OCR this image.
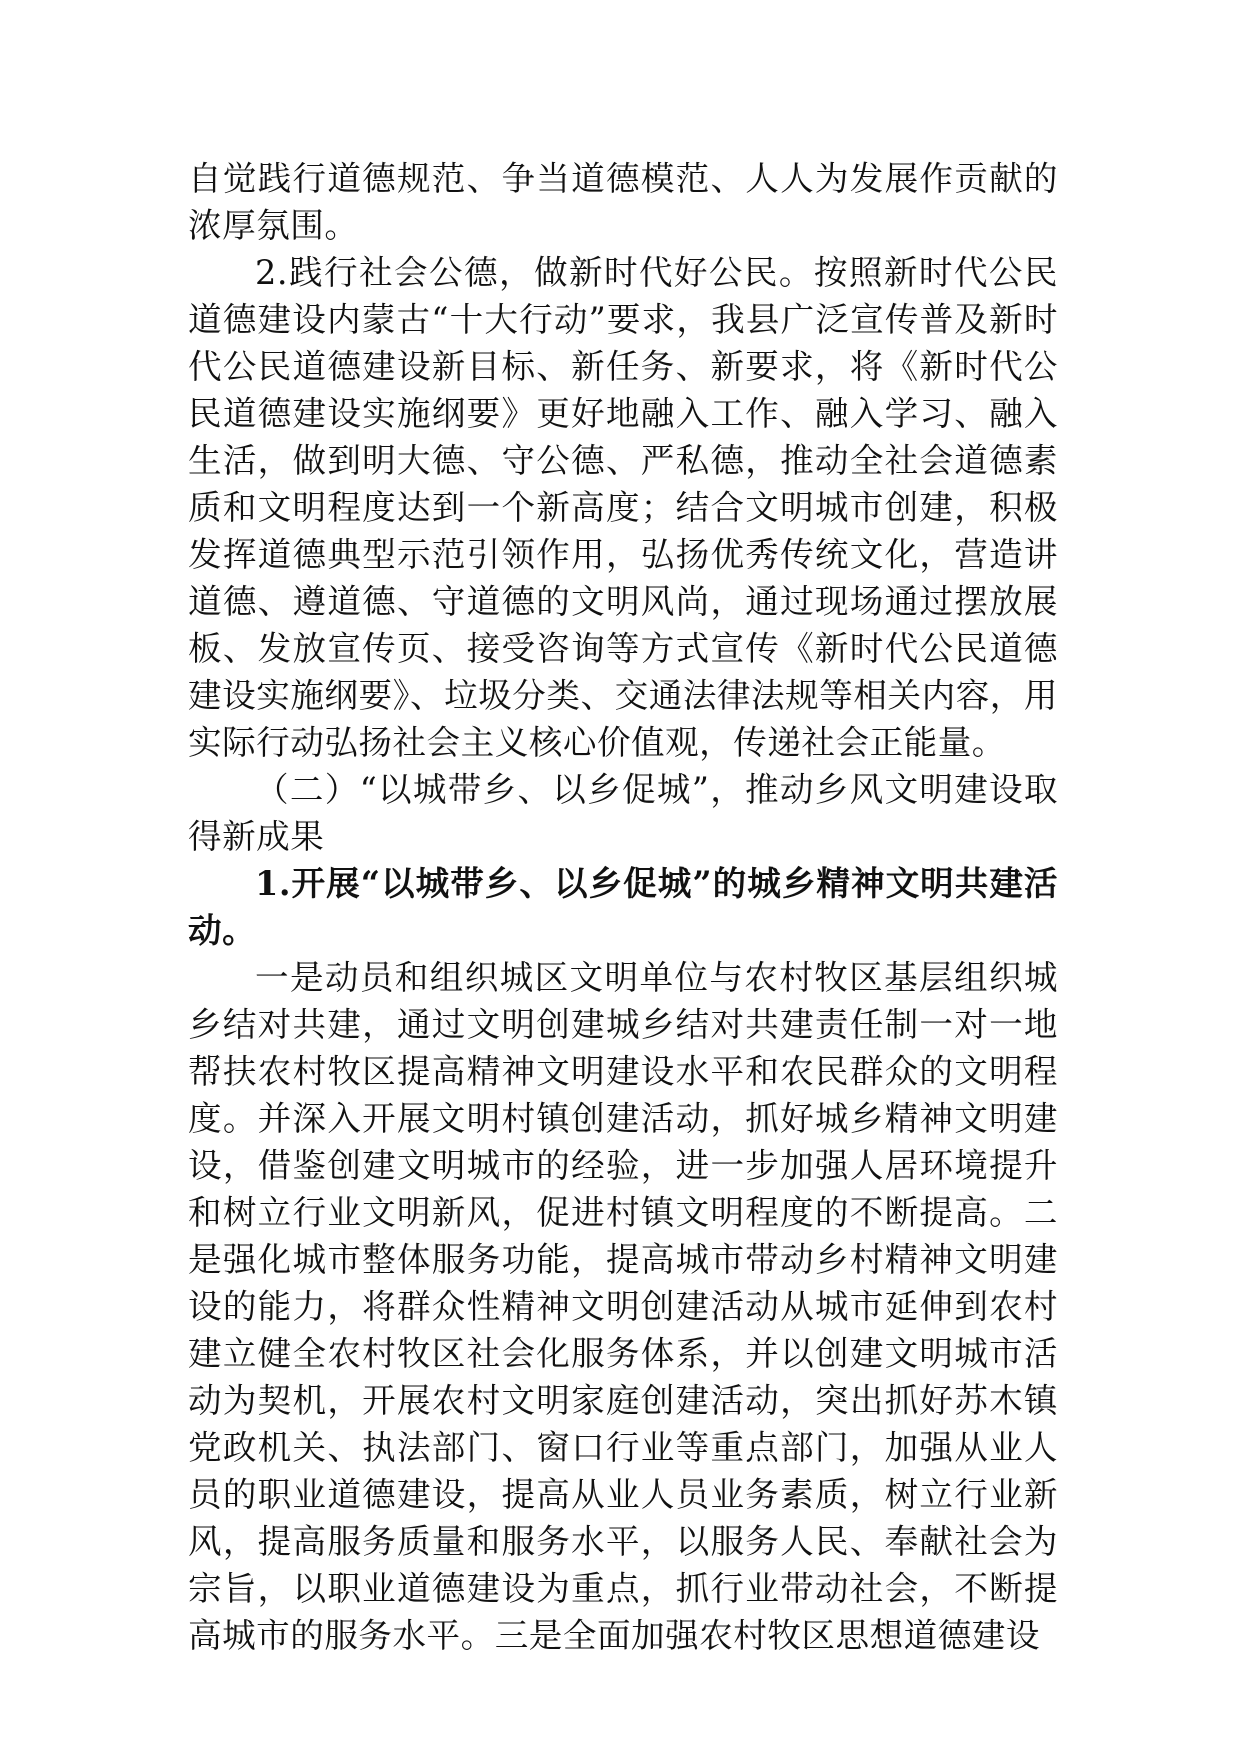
自觉践行道德规范、争当道德模范、人人为发展作贡献的浓厚氛围。

2.践行社会公德，做新时代好公民。按照新时代公民道德建设内蒙古“十大行动”要求，我县广泛宣传普及新时代公民道德建设新目标、新任务、新要求，将《新时代公民道德建设实施纲要》更好地融入工作、融入学习、融入生活，做到明大德、守公德、严私德，推动全社会道德素质和文明程度达到一个新高度；结合文明城市创建，积极发挥道德典型示范引领作用，弘扬优秀传统文化，营造讲道德、遵道德、守道德的文明风尚，通过现场通过摆放展板、发放宣传页、接受咨询等方式宣传《新时代公民道德建设实施纲要》、垃圾分类、交通法律法规等相关内容，用实际行动弘扬社会主义核心价值观，传递社会正能量。

（二）“以城带乡、以乡促城”，推动乡风文明建设取得新成果

1.开展“以城带乡、以乡促城”的城乡精神文明共建活动。

一是动员和组织城区文明单位与农村牧区基层组织城乡结对共建，通过文明创建城乡结对共建责任制一对一地帮扶农村牧区提高精神文明建设水平和农民群众的文明程度。并深入开展文明村镇创建活动，抓好城乡精神文明建设，借鉴创建文明城市的经验，进一步加强人居环境提升和树立行业文明新风，促进村镇文明程度的不断提高。二是强化城市整体服务功能，提高城市带动乡村精神文明建设的能力，将群众性精神文明创建活动从城市延伸到农村建立健全农村牧区社会化服务体系，并以创建文明城市活动为契机，开展农村文明家庭创建活动，突出抓好苏木镇党政机关、执法部门、窗口行业等重点部门，加强从业人员的职业道德建设，提高从业人员业务素质，树立行业新风，提高服务质量和服务水平，以服务人民、奉献社会为宗旨，以职业道德建设为重点，抓行业带动社会，不断提高城市的服务水平。三是全面加强农村牧区思想道德建设
